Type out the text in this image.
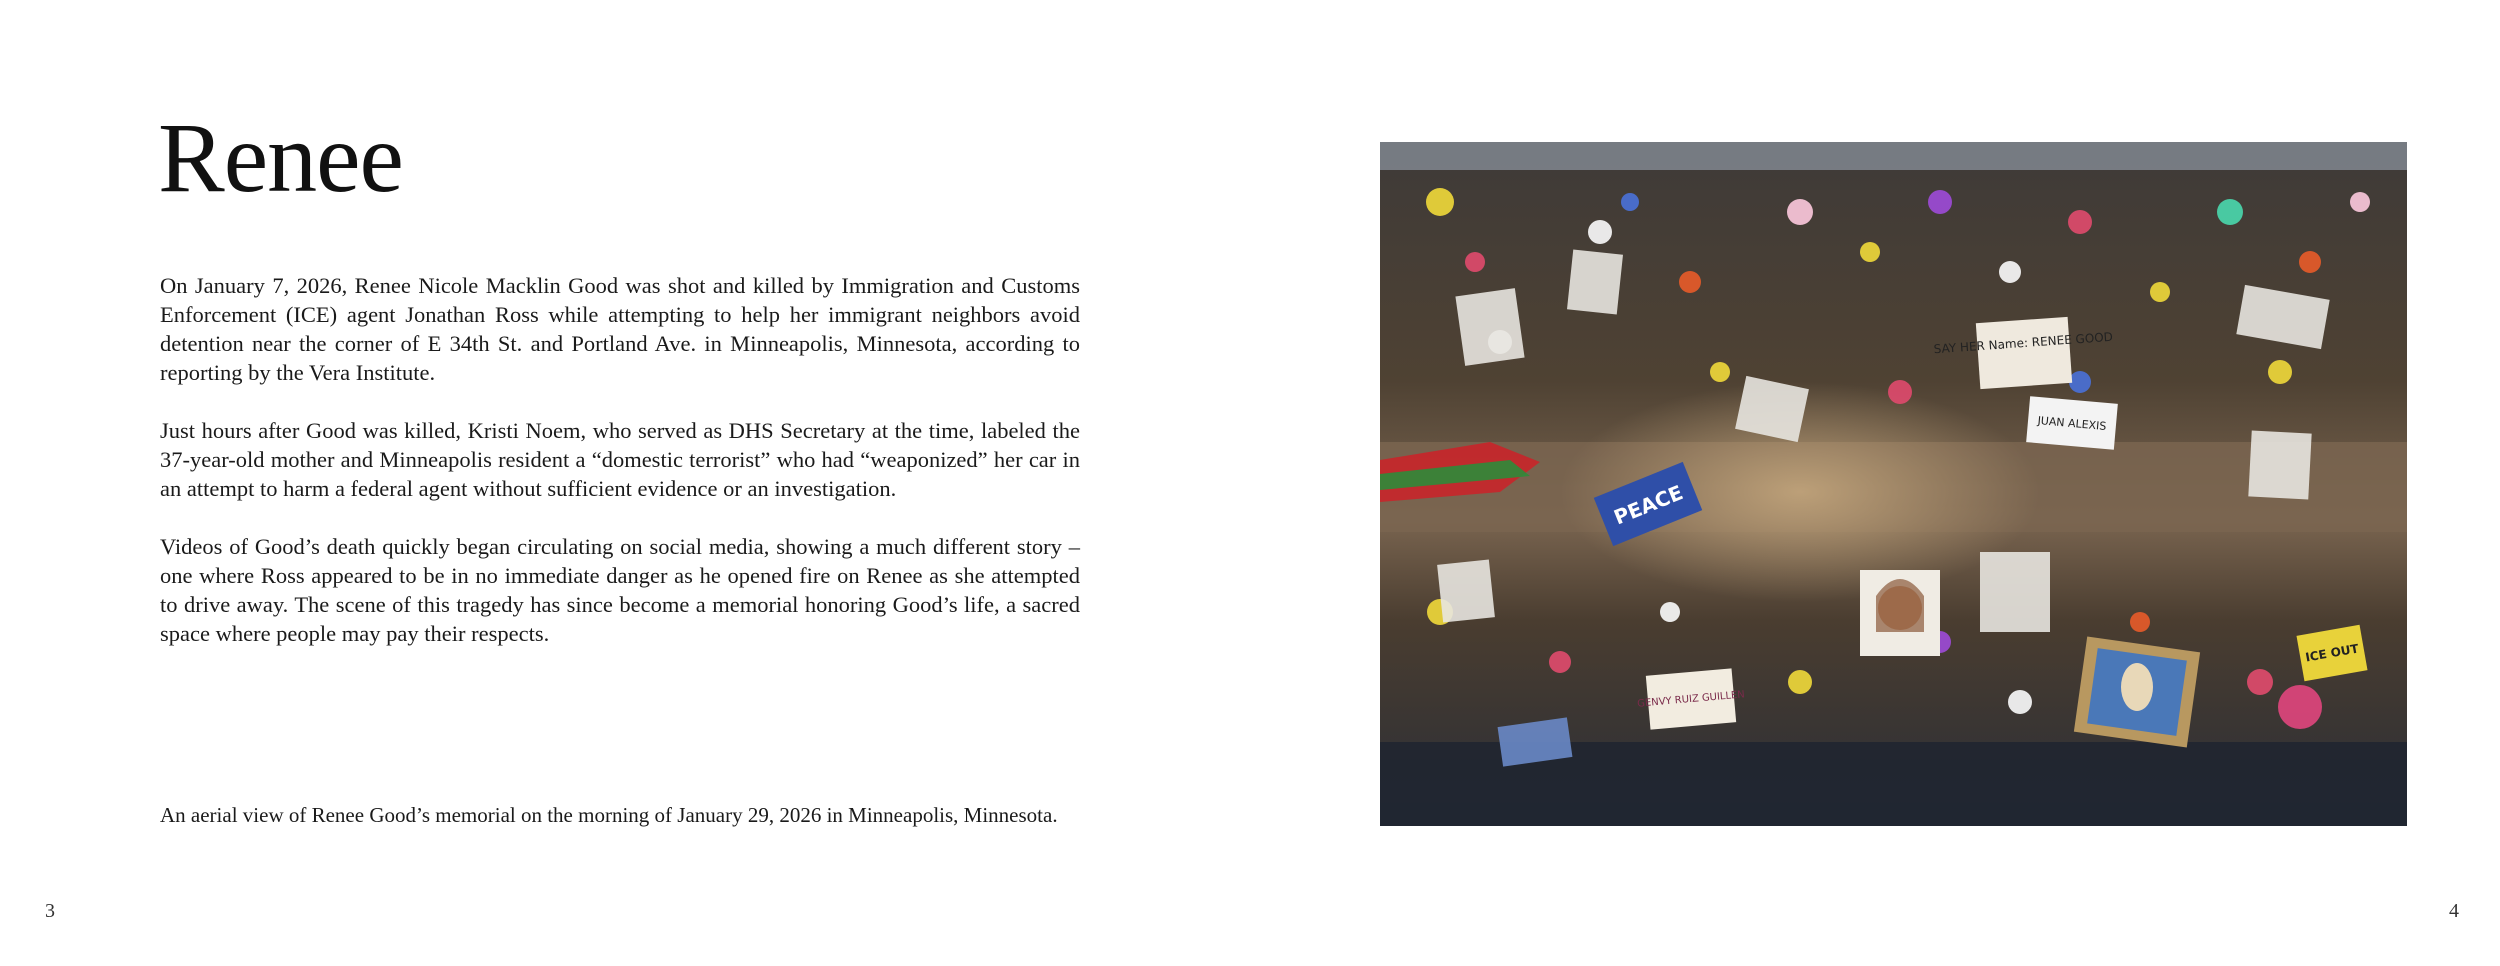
Renee

On January 7, 2026, Renee Nicole Macklin Good was shot and killed by Immigration and Customs Enforcement (ICE) agent Jonathan Ross while attempting to help her immigrant neighbors avoid detention near the corner of E 34th St. and Portland Ave. in Minneapolis, Minnesota, according to reporting by the Vera Institute.

Just hours after Good was killed, Kristi Noem, who served as DHS Secretary at the time, labeled the 37-year-old mother and Minneapolis resident a “domestic terrorist” who had “weaponized” her car in an attempt to harm a federal agent without sufficient evidence or an investigation.

Videos of Good’s death quickly began circulating on social media, showing a much different story – one where Ross appeared to be in no immediate danger as he opened fire on Renee as she attempted to drive away. The scene of this tragedy has since become a memorial honoring Good’s life, a sacred space where people may pay their respects.

An aerial view of Renee Good’s memorial on the morning of January 29, 2026 in Minneapolis, Minnesota.
SAY HER Name: RENEE GOOD
JUAN ALEXIS
PEACE
ICE OUT
GENVY RUIZ GUILLEN
3	4
